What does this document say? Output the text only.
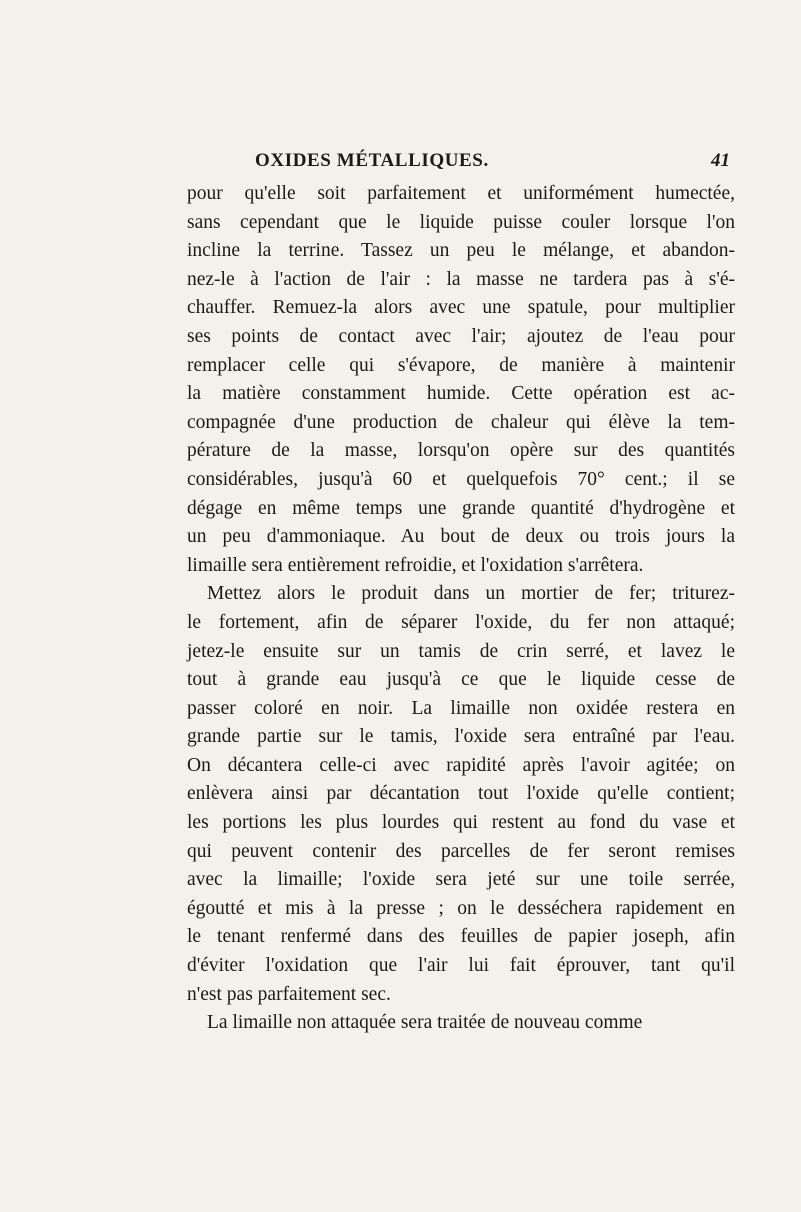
OXIDES MÉTALLIQUES.	41
pour qu'elle soit parfaitement et uniformément humectée,
sans cependant que le liquide puisse couler lorsque l'on
incline la terrine. Tassez un peu le mélange, et abandon-
nez-le à l'action de l'air : la masse ne tardera pas à s'é-
chauffer. Remuez-la alors avec une spatule, pour multiplier
ses points de contact avec l'air; ajoutez de l'eau pour
remplacer celle qui s'évapore, de manière à maintenir
la matière constamment humide. Cette opération est ac-
compagnée d'une production de chaleur qui élève la tem-
pérature de la masse, lorsqu'on opère sur des quantités
considérables, jusqu'à 60 et quelquefois 70° cent.; il se
dégage en même temps une grande quantité d'hydrogène et
un peu d'ammoniaque. Au bout de deux ou trois jours la
limaille sera entièrement refroidie, et l'oxidation s'arrêtera.
Mettez alors le produit dans un mortier de fer; triturez-
le fortement, afin de séparer l'oxide, du fer non attaqué;
jetez-le ensuite sur un tamis de crin serré, et lavez le
tout à grande eau jusqu'à ce que le liquide cesse de
passer coloré en noir. La limaille non oxidée restera en
grande partie sur le tamis, l'oxide sera entraîné par l'eau.
On décantera celle-ci avec rapidité après l'avoir agitée; on
enlèvera ainsi par décantation tout l'oxide qu'elle contient;
les portions les plus lourdes qui restent au fond du vase et
qui peuvent contenir des parcelles de fer seront remises
avec la limaille; l'oxide sera jeté sur une toile serrée,
égoutté et mis à la presse ; on le desséchera rapidement en
le tenant renfermé dans des feuilles de papier joseph, afin
d'éviter l'oxidation que l'air lui fait éprouver, tant qu'il
n'est pas parfaitement sec.
La limaille non attaquée sera traitée de nouveau comme
